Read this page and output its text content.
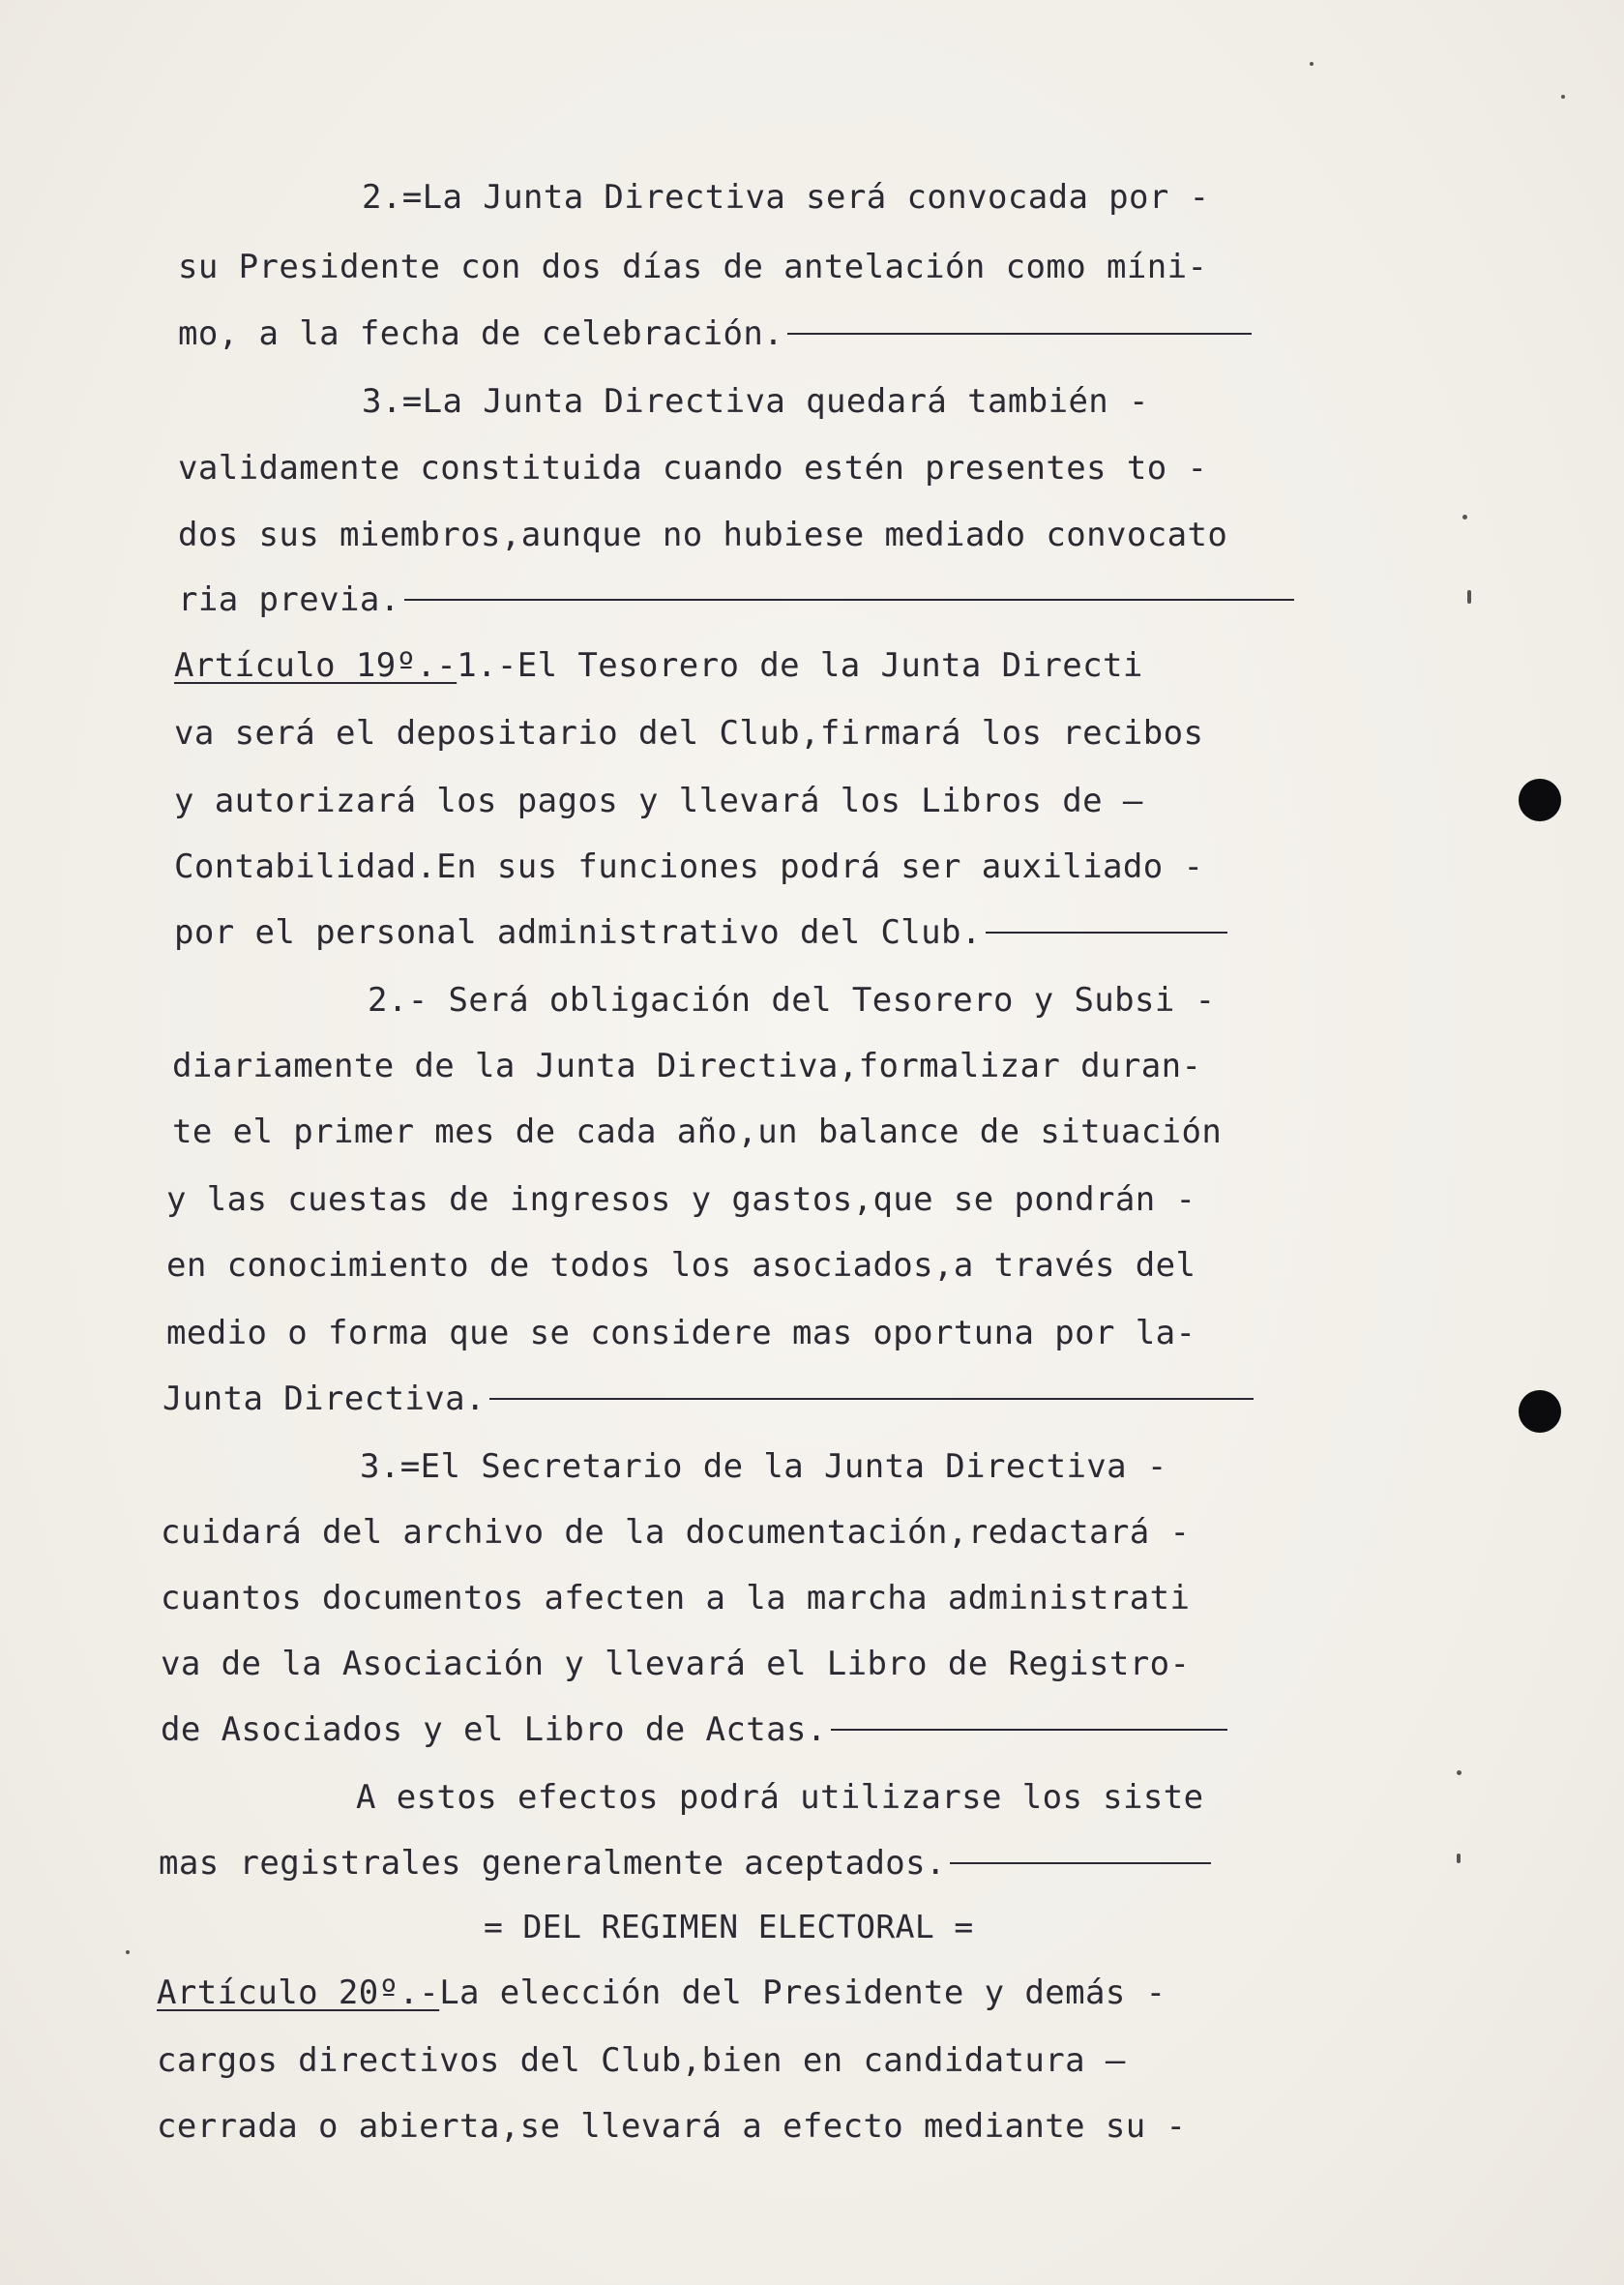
2.=La Junta Directiva será convocada por -
su Presidente con dos días de antelación como míni-
mo, a la fecha de celebración.
3.=La Junta Directiva quedará también -
validamente constituida cuando estén presentes to -
dos sus miembros,aunque no hubiese mediado convocato
ria previa.
Artículo 19º.-1.-El Tesorero de la Junta Directi
va será el depositario del Club,firmará los recibos
y autorizará los pagos y llevará los Libros de —
Contabilidad.En sus funciones podrá ser auxiliado -
por el personal administrativo del Club.
2.- Será obligación del Tesorero y Subsi -
diariamente de la Junta Directiva,formalizar duran-
te el primer mes de cada año,un balance de situación
y las cuestas de ingresos y gastos,que se pondrán -
en conocimiento de todos los asociados,a través del
medio o forma que se considere mas oportuna por la-
Junta Directiva.
3.=El Secretario de la Junta Directiva -
cuidará del archivo de la documentación,redactará -
cuantos documentos afecten a la marcha administrati
va de la Asociación y llevará el Libro de Registro-
de Asociados y el Libro de Actas.
A estos efectos podrá utilizarse los siste
mas registrales generalmente aceptados.
= DEL REGIMEN ELECTORAL =
Artículo 20º.-La elección del Presidente y demás -
cargos directivos del Club,bien en candidatura —
cerrada o abierta,se llevará a efecto mediante su -
